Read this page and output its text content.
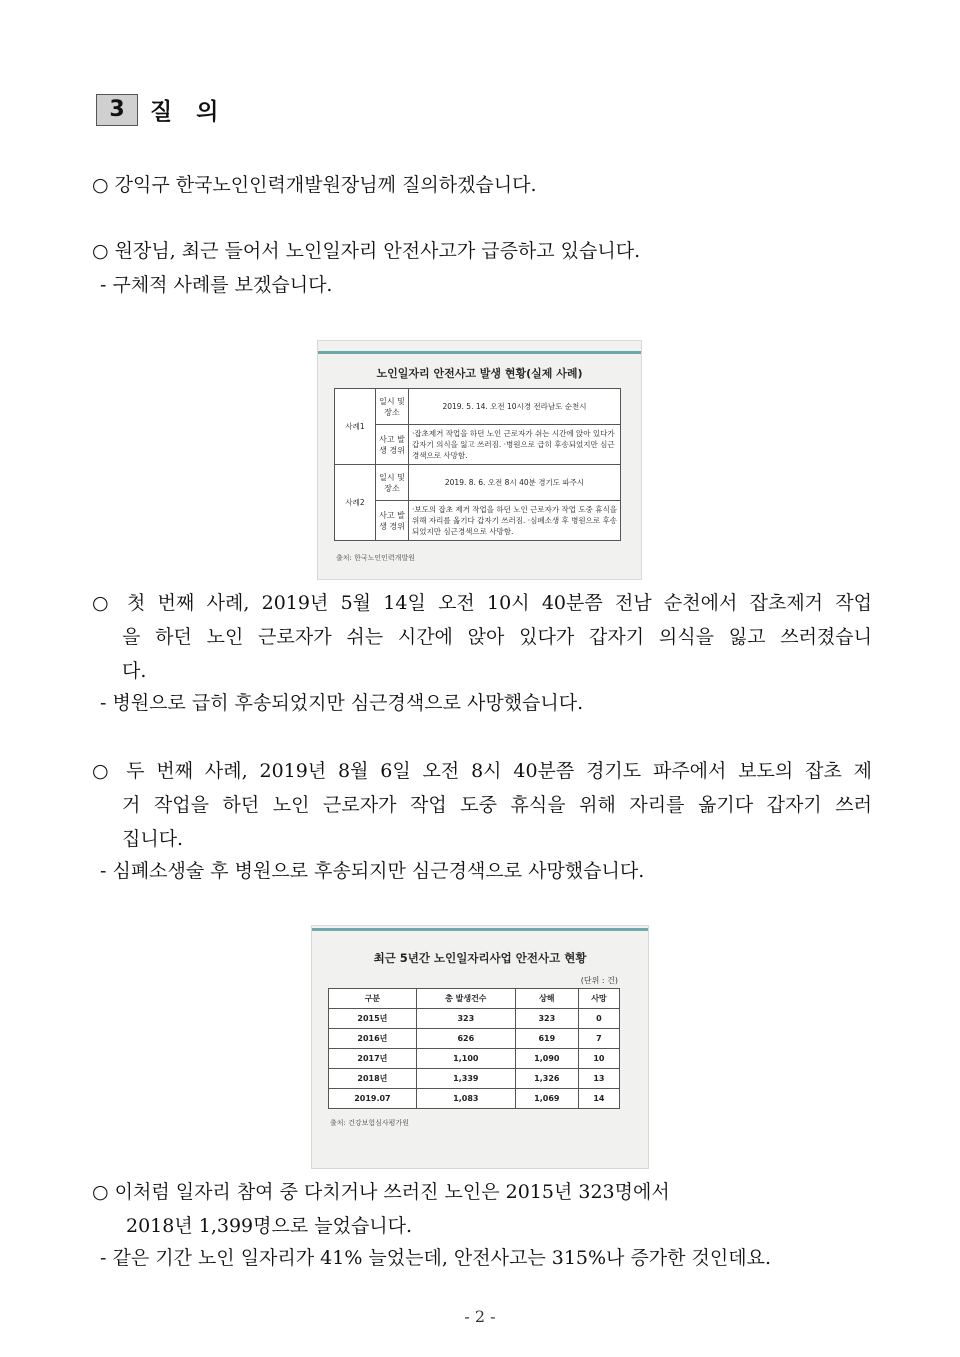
3	질 의
○ 강익구 한국노인인력개발원장님께 질의하겠습니다.
○ 원장님, 최근 들어서 노인일자리 안전사고가 급증하고 있습니다.
- 구체적 사례를 보겠습니다.
노인일자리 안전사고 발생 현황(실제 사례)
사례1	일시 및 장소	2019. 5. 14. 오전 10시경 전라남도 순천시
	사고 발생 경위	·잡초제거 작업을 하던 노인 근로자가 쉬는 시간에 앉아 있다가 갑자기 의식을 잃고 쓰러짐. ·병원으로 급히 후송되었지만 심근경색으로 사망함.
사례2	일시 및 장소	2019. 8. 6. 오전 8시 40분 경기도 파주시
	사고 발생 경위	·보도의 잡초 제거 작업을 하던 노인 근로자가 작업 도중 휴식을 위해 자리를 옮기다 갑자기 쓰러짐. ·심폐소생 후 병원으로 후송되었지만 심근경색으로 사망함.
출처: 한국노인인력개발원
○ 첫 번째 사례, 2019년 5월 14일 오전 10시 40분쯤 전남 순천에서 잡초제거 작업
을 하던 노인 근로자가 쉬는 시간에 앉아 있다가 갑자기 의식을 잃고 쓰러졌습니
다.
- 병원으로 급히 후송되었지만 심근경색으로 사망했습니다.
○ 두 번째 사례, 2019년 8월 6일 오전 8시 40분쯤 경기도 파주에서 보도의 잡초 제
거 작업을 하던 노인 근로자가 작업 도중 휴식을 위해 자리를 옮기다 갑자기 쓰러
집니다.
- 심폐소생술 후 병원으로 후송되지만 심근경색으로 사망했습니다.
최근 5년간 노인일자리사업 안전사고 현황
(단위 : 건)
구분	총 발생건수	상해	사망
2015년	323	323	0
2016년	626	619	7
2017년	1,100	1,090	10
2018년	1,339	1,326	13
2019.07	1,083	1,069	14
출처: 건강보험심사평가원
○ 이처럼 일자리 참여 중 다치거나 쓰러진 노인은 2015년 323명에서
2018년 1,399명으로 늘었습니다.
- 같은 기간 노인 일자리가 41% 늘었는데, 안전사고는 315%나 증가한 것인데요.
- 2 -
